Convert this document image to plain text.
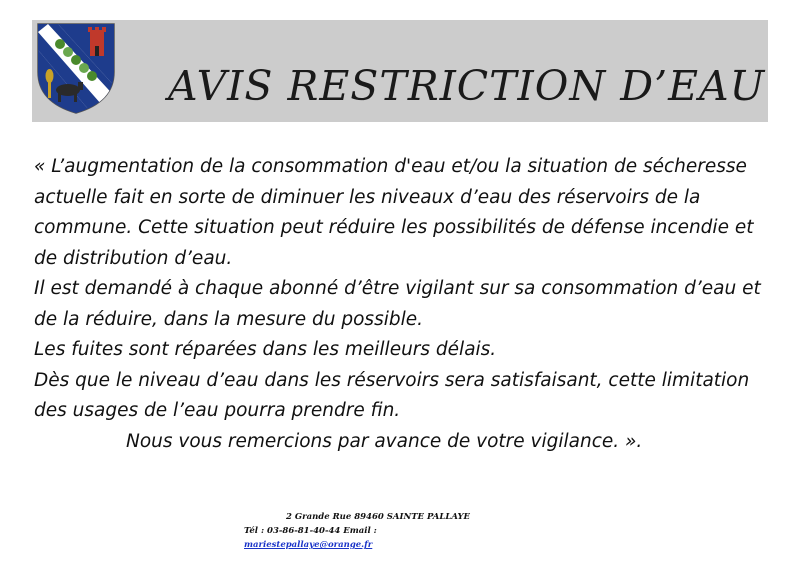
AVIS RESTRICTION D’EAU

« L’augmentation de la consommation d'eau et/ou la situation de sécheresse actuelle fait en sorte de diminuer les niveaux d’eau des réservoirs de la commune. Cette situation peut réduire les possibilités de défense incendie et de distribution d’eau.

Il est demandé à chaque abonné d’être vigilant sur sa consommation d’eau et de la réduire, dans la mesure du possible.

Les fuites sont réparées dans les meilleurs délais.

Dès que le niveau d’eau dans les réservoirs sera satisfaisant, cette limitation des usages de l’eau pourra prendre fin.

Nous vous remercions par avance de votre vigilance. ».

2 Grande Rue 89460 SAINTE PALLAYE
Tél : 03-86-81-40-44 Email : mariestepallaye@orange.fr
